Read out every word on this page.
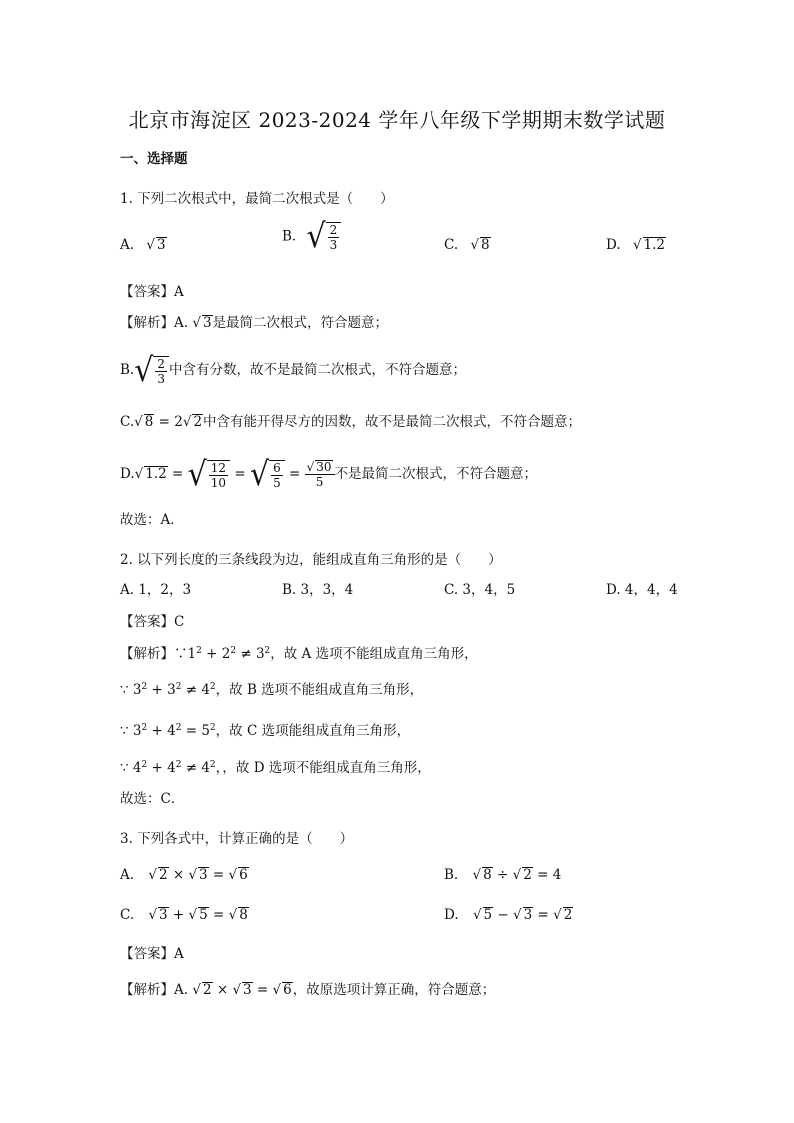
北京市海淀区 2023-2024 学年八年级下学期期末数学试题
一、选择题
1. 下列二次根式中，最简二次根式是（　　）
A. √ 3
B. √ $\frac{2}{3}$	C. √ 8	D. √ 1.2
【答案】A
【解析】A. √ 3是最简二次根式，符合题意；
B. √ $\frac{2}{3}$ 中含有分数，故不是最简二次根式，不符合题意；
C.√ 8 = 2√ 2中含有能开得尽方的因数，故不是最简二次根式，不符合题意；
D.√ 1.2 = √ $\frac{12}{10}$ = √ $\frac{6}{5} = \frac{√ 30}{5}$ 不是最简二次根式，不符合题意；
故选：A．
2. 以下列长度的三条线段为边，能组成直角三角形的是（　　）
A. 1，2，3	B. 3，3，4	C. 3，4，5	D. 4，4，4
【答案】C
【解析】$\because 1^2 + 2^2 \ne 3^2$，故 A 选项不能组成直角三角形，
∵ $3^2 + 3^2 \ne 4^2$，故 B 选项不能组成直角三角形，
∵ $3^2 + 4^2 = 5^2$，故 C 选项能组成直角三角形，
∵ $4^2 + 4^2 \ne 4^2$，，故 D 选项不能组成直角三角形，
故选：C．
3. 下列各式中，计算正确的是（　　）
A. √ 2 × √ 3 = √ 6	B. √ 8 ÷ √ 2 = 4
C. √ 3 + √ 5 = √ 8	D. √ 5 − √ 3 = √ 2
【答案】A
【解析】A. √ 2 × √ 3 = √ 6，故原选项计算正确，符合题意；
